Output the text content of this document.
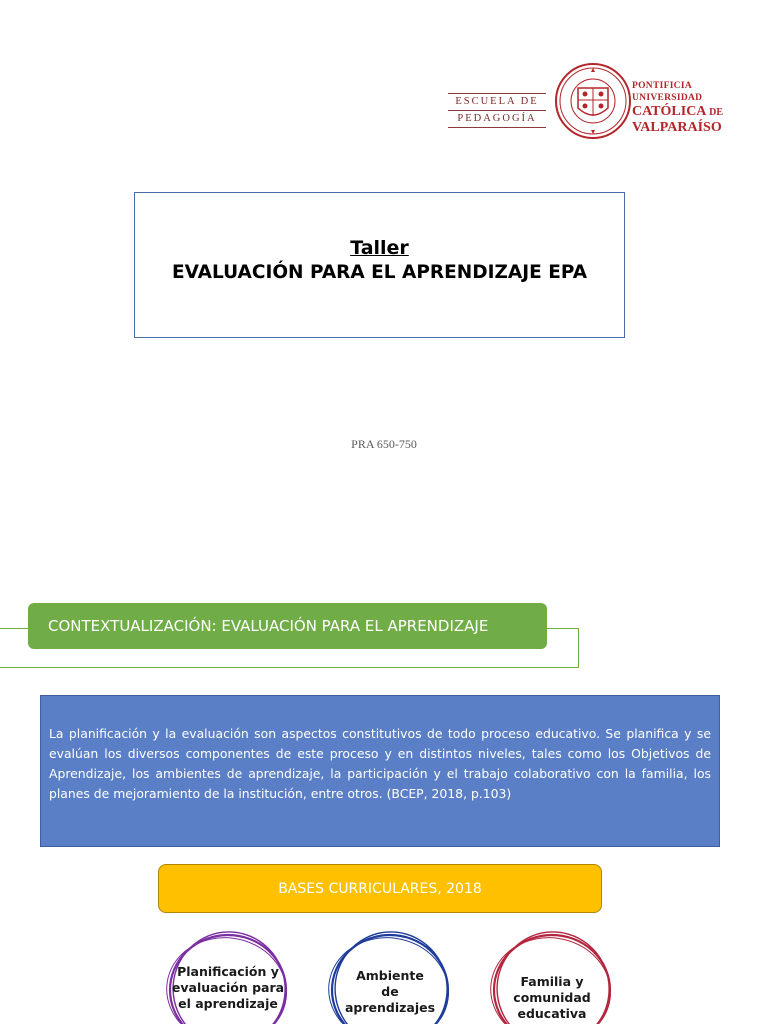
ESCUELA DE
PEDAGOGÍA
PONTIFICIA
UNIVERSIDAD
CATÓLICA DE
VALPARAÍSO
Taller
EVALUACIÓN PARA EL APRENDIZAJE EPA
PRA 650-750
CONTEXTUALIZACIÓN: EVALUACIÓN PARA EL APRENDIZAJE

La planificación y la evaluación son aspectos constitutivos de todo proceso educativo. Se planifica y se evalúan los diversos componentes de este proceso y en distintos niveles, tales como los Objetivos de Aprendizaje, los ambientes de aprendizaje, la participación y el trabajo colaborativo con la familia, los planes de mejoramiento de la institución, entre otros. (BCEP, 2018, p.103)

BASES CURRICULARES, 2018
Planificación y
evaluación para
el aprendizaje
Ambiente
de
aprendizajes
Familia y
comunidad
educativa
